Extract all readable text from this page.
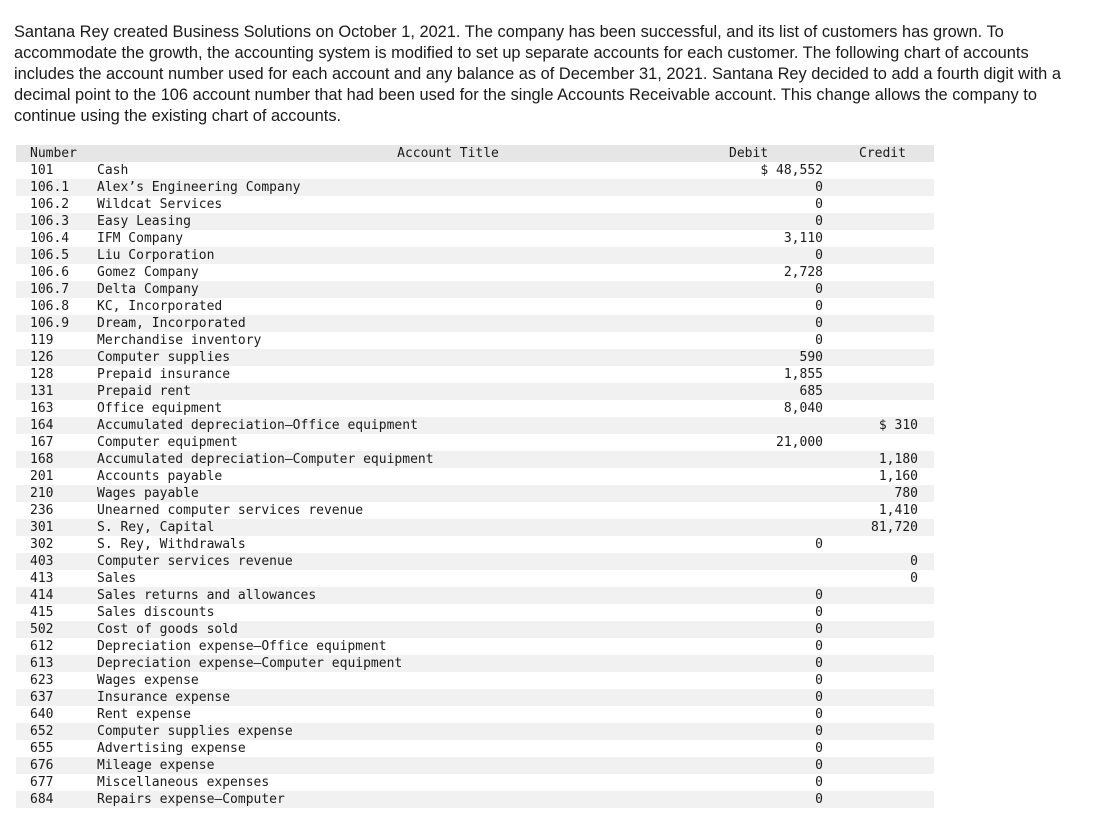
Santana Rey created Business Solutions on October 1, 2021. The company has been successful, and its list of customers has grown. To accommodate the growth, the accounting system is modified to set up separate accounts for each customer. The following chart of accounts includes the account number used for each account and any balance as of December 31, 2021. Santana Rey decided to add a fourth digit with a decimal point to the 106 account number that had been used for the single Accounts Receivable account. This change allows the company to continue using the existing chart of accounts.

Number	Account Title	Debit	Credit
101	Cash	$ 48,552	
106.1	Alex’s Engineering Company	0	
106.2	Wildcat Services	0	
106.3	Easy Leasing	0	
106.4	IFM Company	3,110	
106.5	Liu Corporation	0	
106.6	Gomez Company	2,728	
106.7	Delta Company	0	
106.8	KC, Incorporated	0	
106.9	Dream, Incorporated	0	
119	Merchandise inventory	0	
126	Computer supplies	590	
128	Prepaid insurance	1,855	
131	Prepaid rent	685	
163	Office equipment	8,040	
164	Accumulated depreciation—Office equipment		$ 310
167	Computer equipment	21,000	
168	Accumulated depreciation—Computer equipment		1,180
201	Accounts payable		1,160
210	Wages payable		780
236	Unearned computer services revenue		1,410
301	S. Rey, Capital		81,720
302	S. Rey, Withdrawals	0	
403	Computer services revenue		0
413	Sales		0
414	Sales returns and allowances	0	
415	Sales discounts	0	
502	Cost of goods sold	0	
612	Depreciation expense—Office equipment	0	
613	Depreciation expense—Computer equipment	0	
623	Wages expense	0	
637	Insurance expense	0	
640	Rent expense	0	
652	Computer supplies expense	0	
655	Advertising expense	0	
676	Mileage expense	0	
677	Miscellaneous expenses	0	
684	Repairs expense—Computer	0	
